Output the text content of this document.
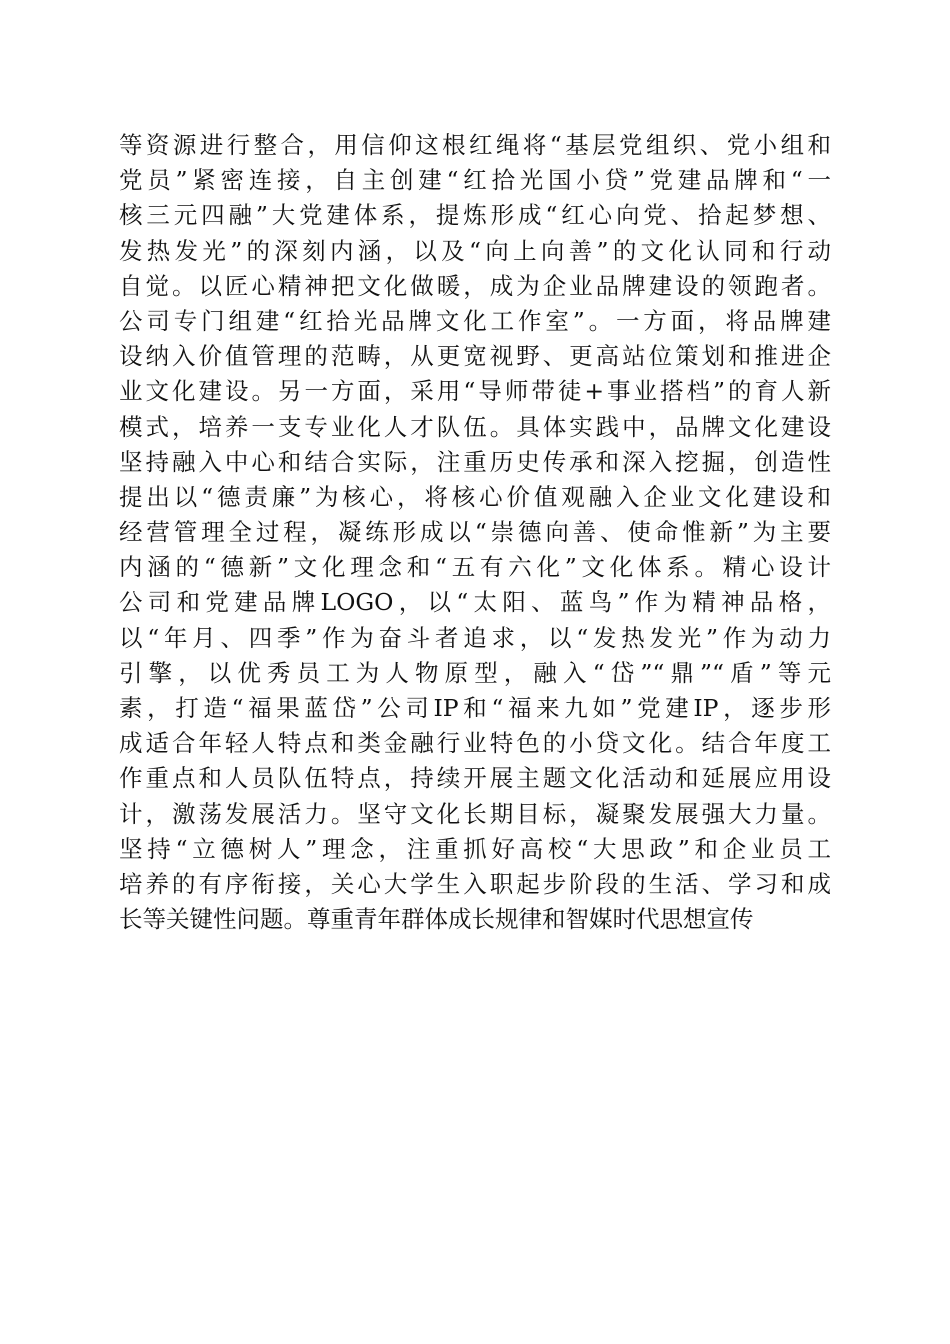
等资源进行整合，用信仰这根红绳将“基层党组织、党小组和
党员”紧密连接，自主创建“红拾光国小贷”党建品牌和“一
核三元四融”大党建体系，提炼形成“红心向党、拾起梦想、
发热发光”的深刻内涵，以及“向上向善”的文化认同和行动
自觉。以匠心精神把文化做暖，成为企业品牌建设的领跑者。
公司专门组建“红拾光品牌文化工作室”。一方面，将品牌建
设纳入价值管理的范畴，从更宽视野、更高站位策划和推进企
业文化建设。另一方面，采用“导师带徒+事业搭档”的育人新
模式，培养一支专业化人才队伍。具体实践中，品牌文化建设
坚持融入中心和结合实际，注重历史传承和深入挖掘，创造性
提出以“德责廉”为核心，将核心价值观融入企业文化建设和
经营管理全过程，凝练形成以“崇德向善、使命惟新”为主要
内涵的“德新”文化理念和“五有六化”文化体系。精心设计
公司和党建品牌LOGO，以“太阳、蓝鸟”作为精神品格，
以“年月、四季”作为奋斗者追求，以“发热发光”作为动力
引擎，以优秀员工为人物原型，融入“岱”“鼎”“盾”等元
素，打造“福果蓝岱”公司IP和“福来九如”党建IP，逐步形
成适合年轻人特点和类金融行业特色的小贷文化。结合年度工
作重点和人员队伍特点，持续开展主题文化活动和延展应用设
计，激荡发展活力。坚守文化长期目标，凝聚发展强大力量。
坚持“立德树人”理念，注重抓好高校“大思政”和企业员工
培养的有序衔接，关心大学生入职起步阶段的生活、学习和成
长等关键性问题。尊重青年群体成长规律和智媒时代思想宣传
